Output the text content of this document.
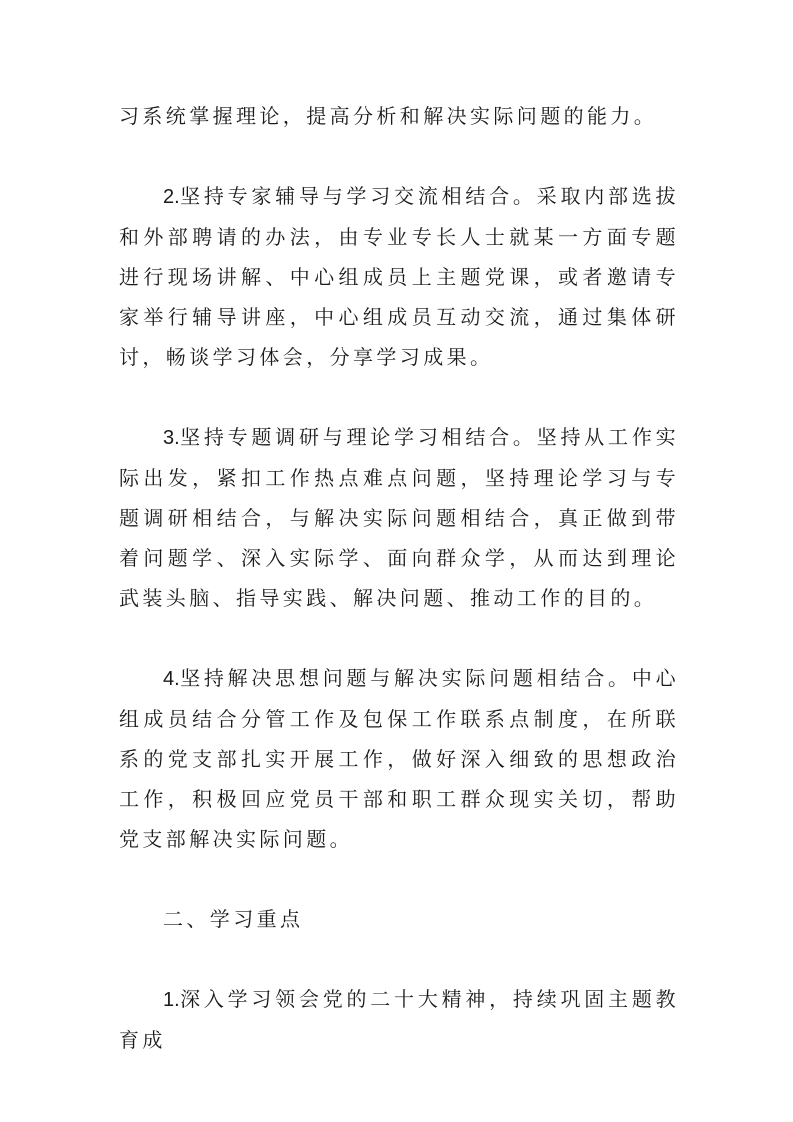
习系统掌握理论，提高分析和解决实际问题的能力。

2.坚持专家辅导与学习交流相结合。采取内部选拔和外部聘请的办法，由专业专长人士就某一方面专题进行现场讲解、中心组成员上主题党课，或者邀请专家举行辅导讲座，中心组成员互动交流，通过集体研讨，畅谈学习体会，分享学习成果。

3.坚持专题调研与理论学习相结合。坚持从工作实际出发，紧扣工作热点难点问题，坚持理论学习与专题调研相结合，与解决实际问题相结合，真正做到带着问题学、深入实际学、面向群众学，从而达到理论武装头脑、指导实践、解决问题、推动工作的目的。

4.坚持解决思想问题与解决实际问题相结合。中心组成员结合分管工作及包保工作联系点制度，在所联系的党支部扎实开展工作，做好深入细致的思想政治工作，积极回应党员干部和职工群众现实关切，帮助党支部解决实际问题。

二、学习重点

1.深入学习领会党的二十大精神，持续巩固主题教育成
